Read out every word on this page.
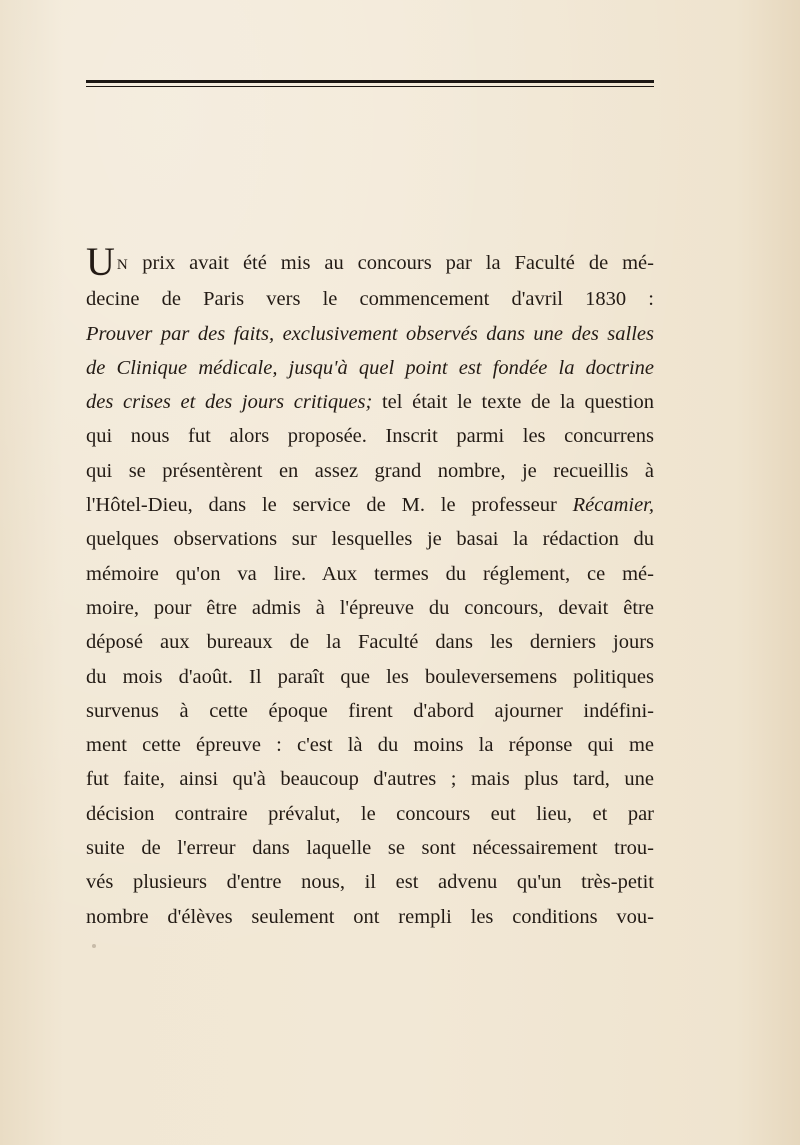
U N prix avait été mis au concours par la Faculté de mé-
decine de Paris vers le commencement d'avril 1830 :
Prouver par des faits, exclusivement observés dans une des salles
de Clinique médicale, jusqu'à quel point est fondée la doctrine
des crises et des jours critiques; tel était le texte de la question
qui nous fut alors proposée. Inscrit parmi les concurrens
qui se présentèrent en assez grand nombre, je recueillis à
l'Hôtel-Dieu, dans le service de M. le professeur Récamier,
quelques observations sur lesquelles je basai la rédaction du
mémoire qu'on va lire. Aux termes du réglement, ce mé-
moire, pour être admis à l'épreuve du concours, devait être
déposé aux bureaux de la Faculté dans les derniers jours
du mois d'août. Il paraît que les bouleversemens politiques
survenus à cette époque firent d'abord ajourner indéfini-
ment cette épreuve : c'est là du moins la réponse qui me
fut faite, ainsi qu'à beaucoup d'autres ; mais plus tard, une
décision contraire prévalut, le concours eut lieu, et par
suite de l'erreur dans laquelle se sont nécessairement trou-
vés plusieurs d'entre nous, il est advenu qu'un très-petit
nombre d'élèves seulement ont rempli les conditions vou-
